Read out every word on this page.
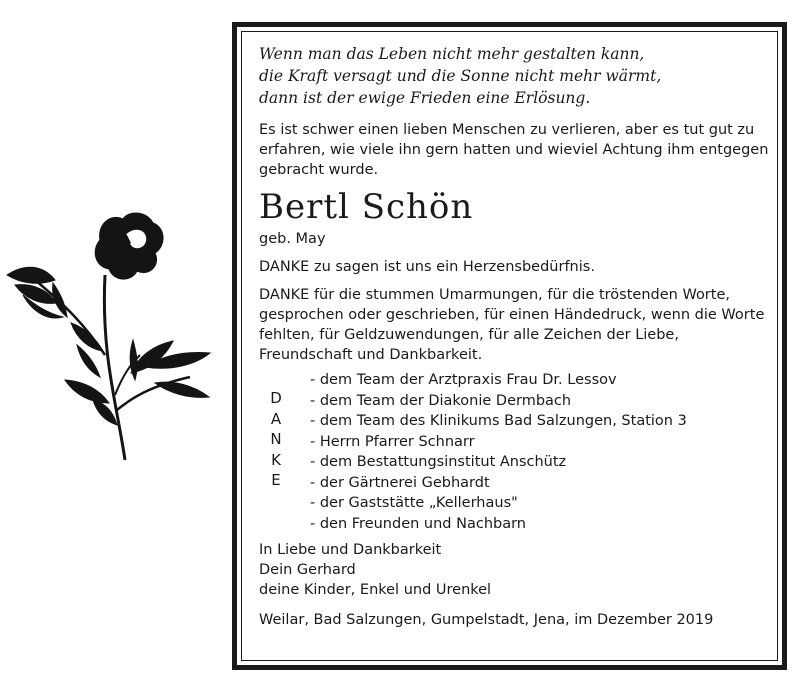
Wenn man das Leben nicht mehr gestalten kann,
die Kraft versagt und die Sonne nicht mehr wärmt,
dann ist der ewige Frieden eine Erlösung.
Es ist schwer einen lieben Menschen zu verlieren, aber es tut gut zu
erfahren, wie viele ihn gern hatten und wieviel Achtung ihm entgegen
gebracht wurde.
Bertl Schön
geb. May
DANKE zu sagen ist uns ein Herzensbedürfnis.
DANKE für die stummen Umarmungen, für die tröstenden Worte,
gesprochen oder geschrieben, für einen Händedruck, wenn die Worte
fehlten, für Geldzuwendungen, für alle Zeichen der Liebe,
Freundschaft und Dankbarkeit.
D
A
N
K
E
- dem Team der Arztpraxis Frau Dr. Lessov
- dem Team der Diakonie Dermbach
- dem Team des Klinikums Bad Salzungen, Station 3
- Herrn Pfarrer Schnarr
- dem Bestattungsinstitut Anschütz
- der Gärtnerei Gebhardt
- der Gaststätte „Kellerhaus"
- den Freunden und Nachbarn
In Liebe und Dankbarkeit
Dein Gerhard
deine Kinder, Enkel und Urenkel
Weilar, Bad Salzungen, Gumpelstadt, Jena, im Dezember 2019
